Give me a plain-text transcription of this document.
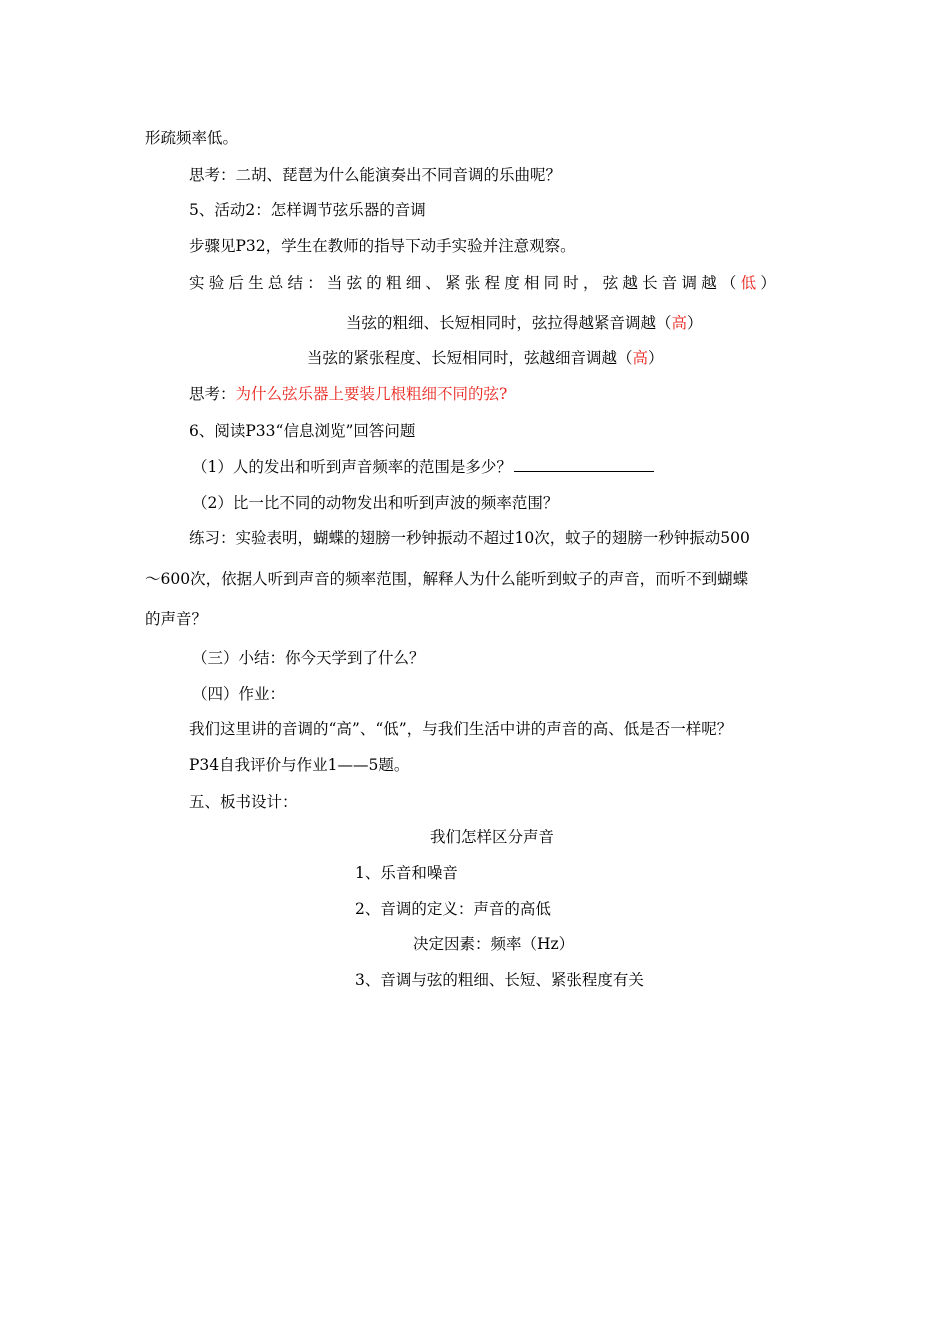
形疏频率低。
思考：二胡、琵琶为什么能演奏出不同音调的乐曲呢？
5、活动2：怎样调节弦乐器的音调
步骤见P32，学生在教师的指导下动手实验并注意观察。
实验后生总结：当弦的粗细、紧张程度相同时，弦越长音调越（低）
当弦的粗细、长短相同时，弦拉得越紧音调越（高）
当弦的紧张程度、长短相同时，弦越细音调越（高）
思考：为什么弦乐器上要装几根粗细不同的弦?
6、阅读P33“信息浏览”回答问题
（1）人的发出和听到声音频率的范围是多少？
（2）比一比不同的动物发出和听到声波的频率范围？
练习：实验表明，蝴蝶的翅膀一秒钟振动不超过10次，蚊子的翅膀一秒钟振动500
～600次，依据人听到声音的频率范围，解释人为什么能听到蚊子的声音，而听不到蝴蝶
的声音？
（三）小结：你今天学到了什么？
（四）作业：
我们这里讲的音调的“高”、“低”，与我们生活中讲的声音的高、低是否一样呢？
P34自我评价与作业1——5题。
五、板书设计：
我们怎样区分声音
1、乐音和噪音
2、音调的定义：声音的高低
决定因素：频率（Hz）
3、音调与弦的粗细、长短、紧张程度有关
